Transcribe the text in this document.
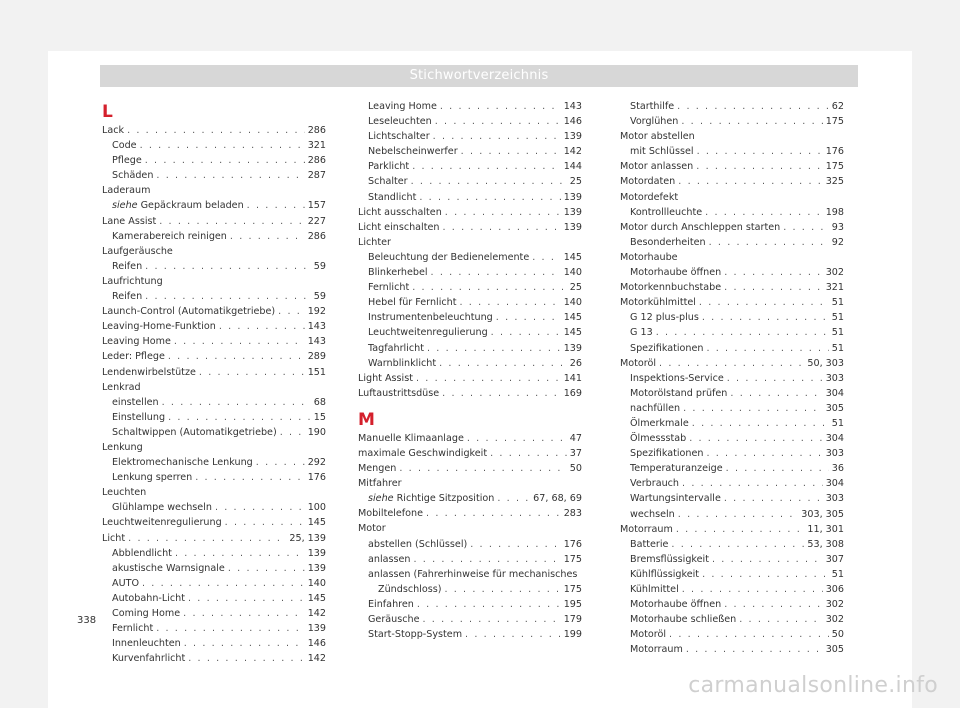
Stichwortverzeichnis
L
Lack . . .	286
Code . . .	321
Pflege . . .	286
Schäden . . .	287
Laderaum
siehe Gepäckraum beladen . . .	157
Lane Assist . . .	227
Kamerabereich reinigen . . .	286
Laufgeräusche
Reifen . . .	59
Laufrichtung
Reifen . . .	59
Launch-Control (Automatikgetriebe) . . .	192
Leaving-Home-Funktion . . .	143
Leaving Home . . .	143
Leder: Pflege . . .	289
Lendenwirbelstütze . . .	151
Lenkrad
einstellen . . .	68
Einstellung . . .	15
Schaltwippen (Automatikgetriebe) . . .	190
Lenkung
Elektromechanische Lenkung . . .	292
Lenkung sperren . . .	176
Leuchten
Glühlampe wechseln . . .	100
Leuchtweitenregulierung . . .	145
Licht . . .	25, 139
Abblendlicht . . .	139
akustische Warnsignale . . .	139
AUTO . . .	140
Autobahn-Licht . . .	145
Coming Home . . .	142
Fernlicht . . .	139
Innenleuchten . . .	146
Kurvenfahrlicht . . .	142
Leaving Home . . .	143
Leseleuchten . . .	146
Lichtschalter . . .	139
Nebelscheinwerfer . . .	142
Parklicht . . .	144
Schalter . . .	25
Standlicht . . .	139
Licht ausschalten . . .	139
Licht einschalten . . .	139
Lichter
Beleuchtung der Bedienelemente . . .	145
Blinkerhebel . . .	140
Fernlicht . . .	25
Hebel für Fernlicht . . .	140
Instrumentenbeleuchtung . . .	145
Leuchtweitenregulierung . . .	145
Tagfahrlicht . . .	139
Warnblinklicht . . .	26
Light Assist . . .	141
Luftaustrittsdüse . . .	169
M
Manuelle Klimaanlage . . .	47
maximale Geschwindigkeit . . .	37
Mengen . . .	50
Mitfahrer
siehe Richtige Sitzposition . . .	67, 68, 69
Mobiltelefone . . .	283
Motor
abstellen (Schlüssel) . . .	176
anlassen . . .	175
anlassen (Fahrerhinweise für mechanisches
Zündschloss) . . .	175
Einfahren . . .	195
Geräusche . . .	179
Start-Stopp-System . . .	199
Starthilfe . . .	62
Vorglühen . . .	175
Motor abstellen
mit Schlüssel . . .	176
Motor anlassen . . .	175
Motordaten . . .	325
Motordefekt
Kontrollleuchte . . .	198
Motor durch Anschleppen starten . . .	93
Besonderheiten . . .	92
Motorhaube
Motorhaube öffnen . . .	302
Motorkennbuchstabe . . .	321
Motorkühlmittel . . .	51
G 12 plus-plus . . .	51
G 13 . . .	51
Spezifikationen . . .	51
Motoröl . . .	50, 303
Inspektions-Service . . .	303
Motorölstand prüfen . . .	304
nachfüllen . . .	305
Ölmerkmale . . .	51
Ölmessstab . . .	304
Spezifikationen . . .	303
Temperaturanzeige . . .	36
Verbrauch . . .	304
Wartungsintervalle . . .	303
wechseln . . .	303, 305
Motorraum . . .	11, 301
Batterie . . .	53, 308
Bremsflüssigkeit . . .	307
Kühlflüssigkeit . . .	51
Kühlmittel . . .	306
Motorhaube öffnen . . .	302
Motorhaube schließen . . .	302
Motoröl . . .	50
Motorraum . . .	305
338
carmanualsonline.info
